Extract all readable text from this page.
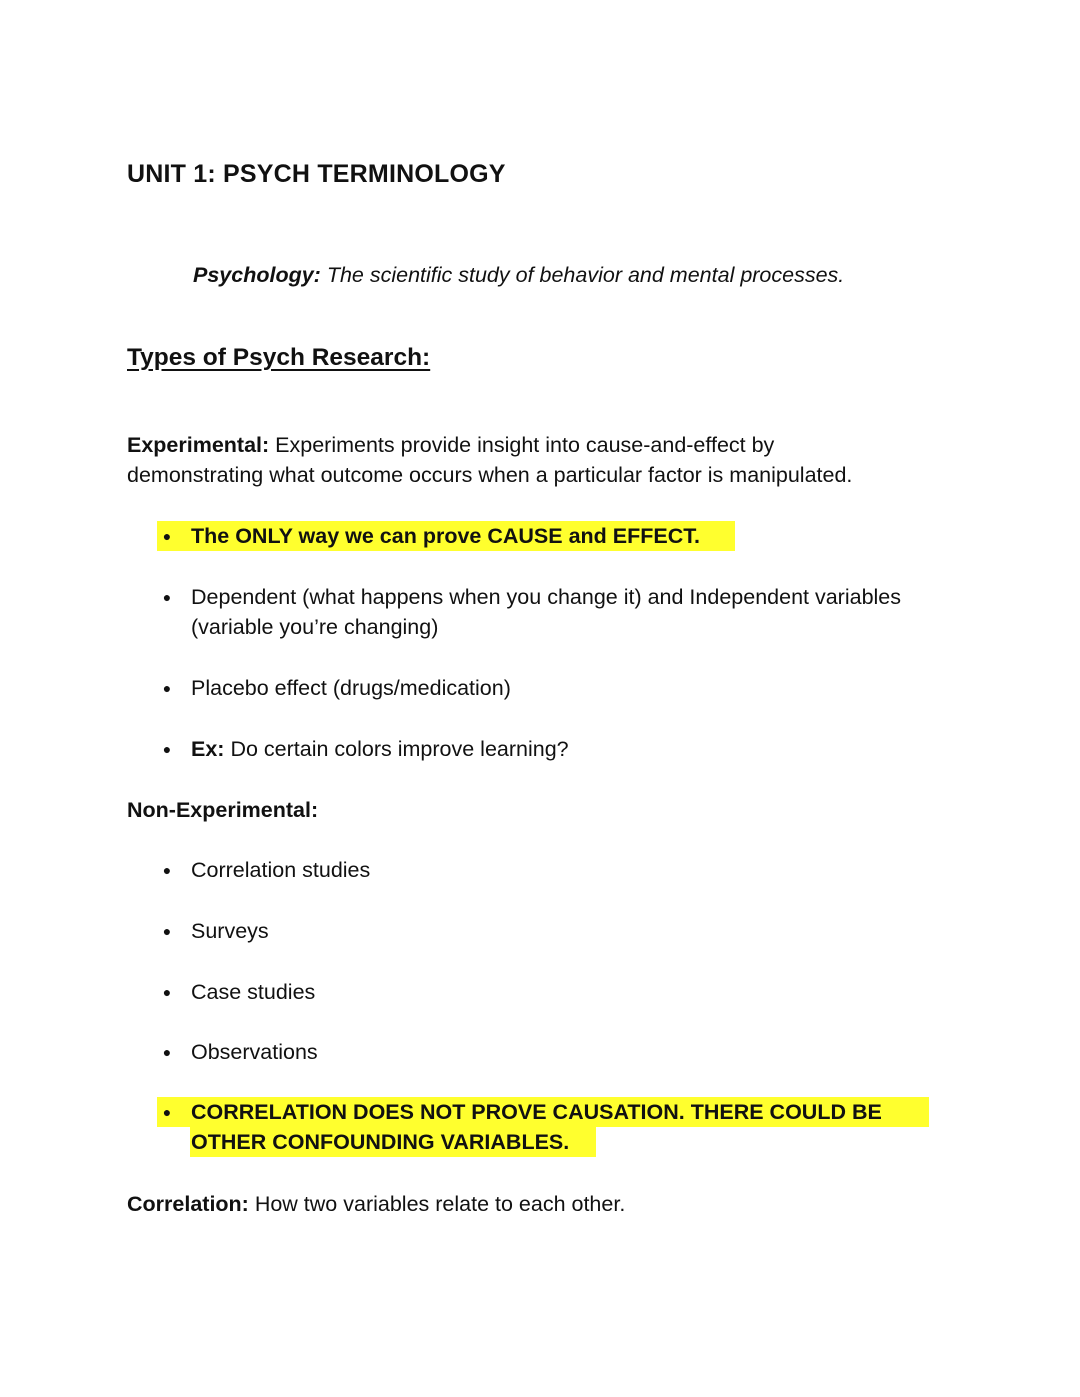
UNIT 1: PSYCH TERMINOLOGY
Psychology: The scientific study of behavior and mental processes.
Types of Psych Research:
Experimental: Experiments provide insight into cause-and-effect by
demonstrating what outcome occurs when a particular factor is manipulated.
● The ONLY way we can prove CAUSE and EFFECT.
● Dependent (what happens when you change it) and Independent variables
(variable you’re changing)
● Placebo effect (drugs/medication)
● Ex: Do certain colors improve learning?
Non-Experimental:
● Correlation studies
● Surveys
● Case studies
● Observations
● CORRELATION DOES NOT PROVE CAUSATION. THERE COULD BE
OTHER CONFOUNDING VARIABLES.
Correlation: How two variables relate to each other.
